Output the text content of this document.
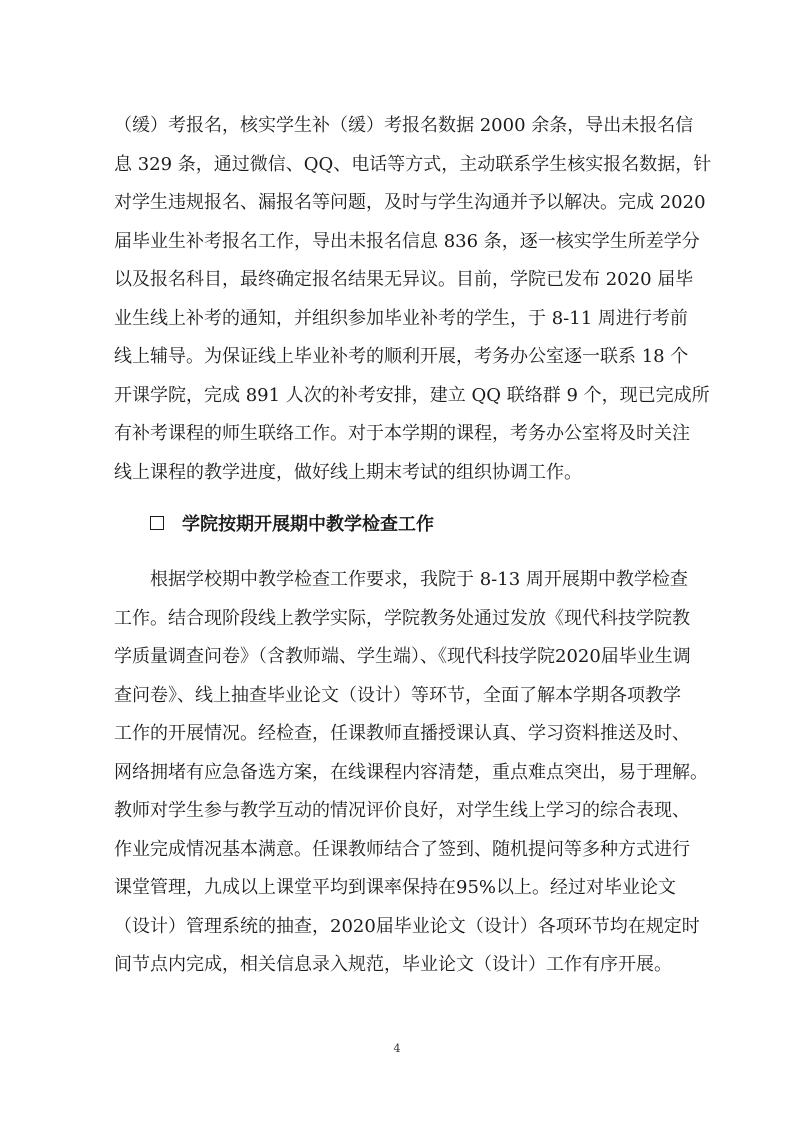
（缓）考报名，核实学生补（缓）考报名数据 2000 余条，导出未报名信
息 329 条，通过微信、QQ、电话等方式，主动联系学生核实报名数据，针
对学生违规报名、漏报名等问题，及时与学生沟通并予以解决。完成 2020
届毕业生补考报名工作，导出未报名信息 836 条，逐一核实学生所差学分
以及报名科目，最终确定报名结果无异议。目前，学院已发布 2020 届毕
业生线上补考的通知，并组织参加毕业补考的学生，于 8-11 周进行考前
线上辅导。为保证线上毕业补考的顺利开展，考务办公室逐一联系 18 个
开课学院，完成 891 人次的补考安排，建立 QQ 联络群 9 个，现已完成所
有补考课程的师生联络工作。对于本学期的课程，考务办公室将及时关注
线上课程的教学进度，做好线上期末考试的组织协调工作。
学院按期开展期中教学检查工作
　　根据学校期中教学检查工作要求，我院于 8-13 周开展期中教学检查
工作。结合现阶段线上教学实际，学院教务处通过发放《现代科技学院教
学质量调查问卷》（含教师端、学生端）、《现代科技学院2020届毕业生调
查问卷》、线上抽查毕业论文（设计）等环节，全面了解本学期各项教学
工作的开展情况。经检查，任课教师直播授课认真、学习资料推送及时、
网络拥堵有应急备选方案，在线课程内容清楚，重点难点突出，易于理解。
教师对学生参与教学互动的情况评价良好，对学生线上学习的综合表现、
作业完成情况基本满意。任课教师结合了签到、随机提问等多种方式进行
课堂管理，九成以上课堂平均到课率保持在95%以上。经过对毕业论文
（设计）管理系统的抽查，2020届毕业论文（设计）各项环节均在规定时
间节点内完成，相关信息录入规范，毕业论文（设计）工作有序开展。
4
